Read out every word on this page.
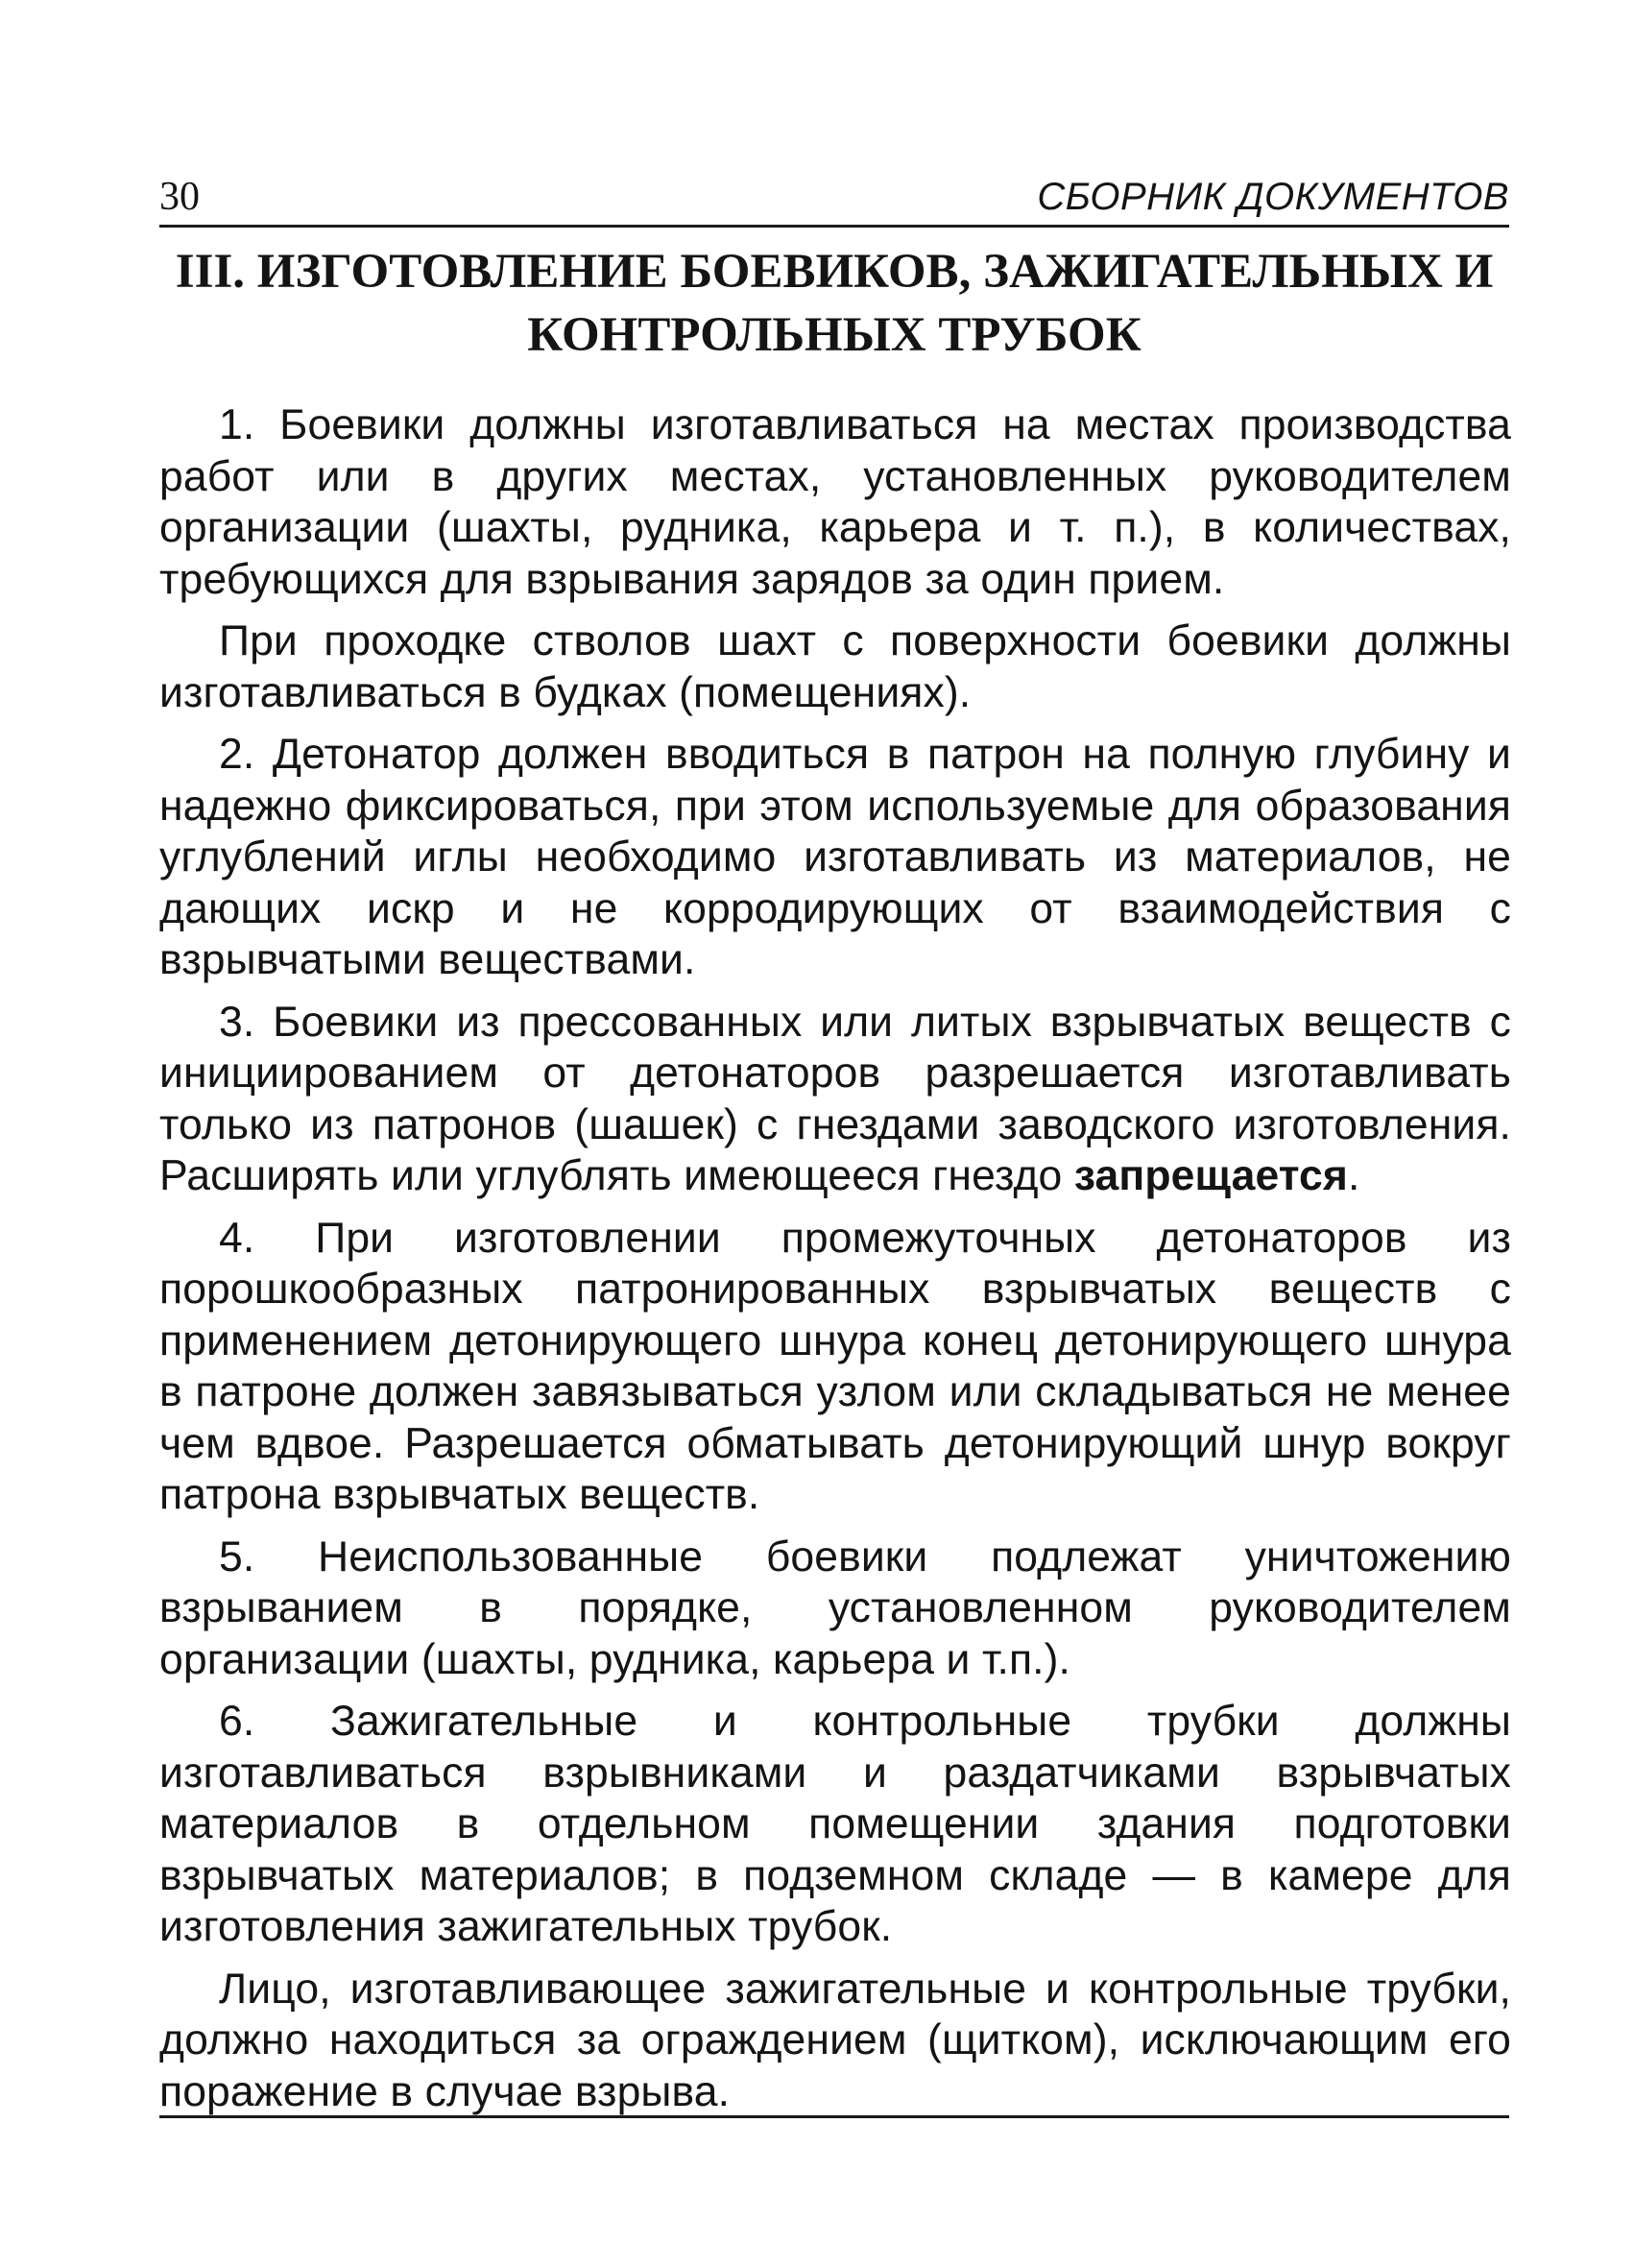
30	СБОРНИК ДОКУМЕНТОВ
III. ИЗГОТОВЛЕНИЕ БОЕВИКОВ, ЗАЖИГАТЕЛЬНЫХ И КОНТРОЛЬНЫХ ТРУБОК

1. Боевики должны изготавливаться на местах производства работ или в других местах, установленных руководителем организации (шахты, рудника, карьера и т. п.), в количествах, требующихся для взрывания зарядов за один прием.

При проходке стволов шахт с поверхности боевики должны изготавливаться в будках (помещениях).

2. Детонатор должен вводиться в патрон на полную глубину и надежно фиксироваться, при этом используемые для образования углублений иглы необходимо изготавливать из материалов, не дающих искр и не корродирующих от взаимодействия с взрывчатыми веществами.

3. Боевики из прессованных или литых взрывчатых веществ с инициированием от детонаторов разрешается изготавливать только из патронов (шашек) с гнездами заводского изготовления. Расширять или углублять имеющееся гнездо запрещается.

4. При изготовлении промежуточных детонаторов из порошкообразных патронированных взрывчатых веществ с применением детонирующего шнура конец детонирующего шнура в патроне должен завязываться узлом или складываться не менее чем вдвое. Разрешается обматывать детонирующий шнур вокруг патрона взрывчатых веществ.

5. Неиспользованные боевики подлежат уничтожению взрыванием в порядке, установленном руководителем организации (шахты, рудника, карьера и т.п.).

6. Зажигательные и контрольные трубки должны изготавливаться взрывниками и раздатчиками взрывчатых материалов в отдельном помещении здания подготовки взрывчатых материалов; в подземном складе — в камере для изготовления зажигательных трубок.

Лицо, изготавливающее зажигательные и контрольные трубки, должно находиться за ограждением (щитком), исключающим его поражение в случае взрыва.
